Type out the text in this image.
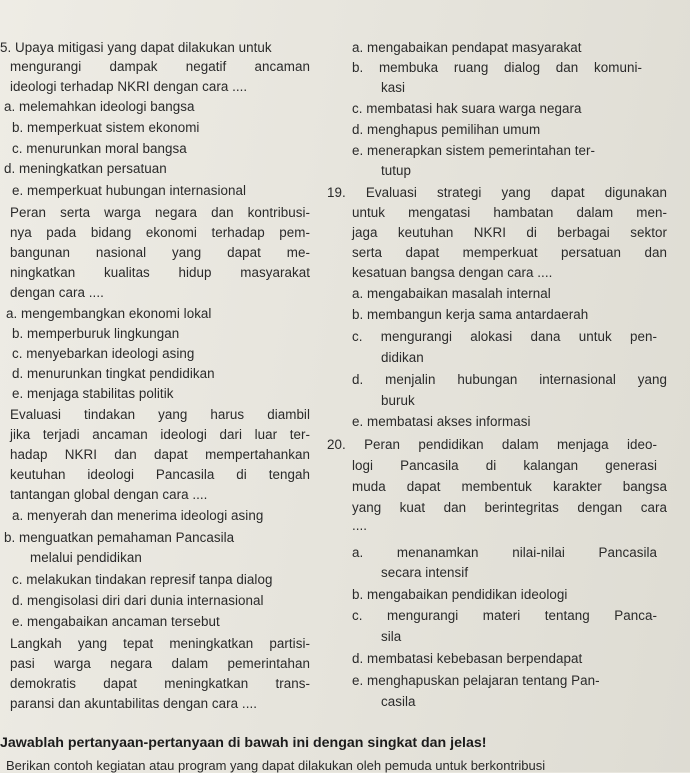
5. Upaya mitigasi yang dapat dilakukan untuk
mengurangi dampak negatif ancaman
ideologi terhadap NKRI dengan cara ....
a. melemahkan ideologi bangsa
b. memperkuat sistem ekonomi
c. menurunkan moral bangsa
d. meningkatkan persatuan
e. memperkuat hubungan internasional
Peran serta warga negara dan kontribusi-
nya pada bidang ekonomi terhadap pem-
bangunan nasional yang dapat me-
ningkatkan kualitas hidup masyarakat
dengan cara ....
a. mengembangkan ekonomi lokal
b. memperburuk lingkungan
c. menyebarkan ideologi asing
d. menurunkan tingkat pendidikan
e. menjaga stabilitas politik
Evaluasi tindakan yang harus diambil
jika terjadi ancaman ideologi dari luar ter-
hadap NKRI dan dapat mempertahankan
keutuhan ideologi Pancasila di tengah
tantangan global dengan cara ....
a. menyerah dan menerima ideologi asing
b. menguatkan pemahaman Pancasila
melalui pendidikan
c. melakukan tindakan represif tanpa dialog
d. mengisolasi diri dari dunia internasional
e. mengabaikan ancaman tersebut
Langkah yang tepat meningkatkan partisi-
pasi warga negara dalam pemerintahan
demokratis dapat meningkatkan trans-
paransi dan akuntabilitas dengan cara ....
a. mengabaikan pendapat masyarakat
b. membuka ruang dialog dan komuni-
kasi
c. membatasi hak suara warga negara
d. menghapus pemilihan umum
e. menerapkan sistem pemerintahan ter-
tutup
19. Evaluasi strategi yang dapat digunakan
untuk mengatasi hambatan dalam men-
jaga keutuhan NKRI di berbagai sektor
serta dapat memperkuat persatuan dan
kesatuan bangsa dengan cara ....
a. mengabaikan masalah internal
b. membangun kerja sama antardaerah
c. mengurangi alokasi dana untuk pen-
didikan
d. menjalin hubungan internasional yang
buruk
e. membatasi akses informasi
20. Peran pendidikan dalam menjaga ideo-
logi Pancasila di kalangan generasi
muda dapat membentuk karakter bangsa
yang kuat dan berintegritas dengan cara
....
a. menanamkan nilai-nilai Pancasila
secara intensif
b. mengabaikan pendidikan ideologi
c. mengurangi materi tentang Panca-
sila
d. membatasi kebebasan berpendapat
e. menghapuskan pelajaran tentang Pan-
casila
Jawablah pertanyaan-pertanyaan di bawah ini dengan singkat dan jelas!
Berikan contoh kegiatan atau program yang dapat dilakukan oleh pemuda untuk berkontribusi
